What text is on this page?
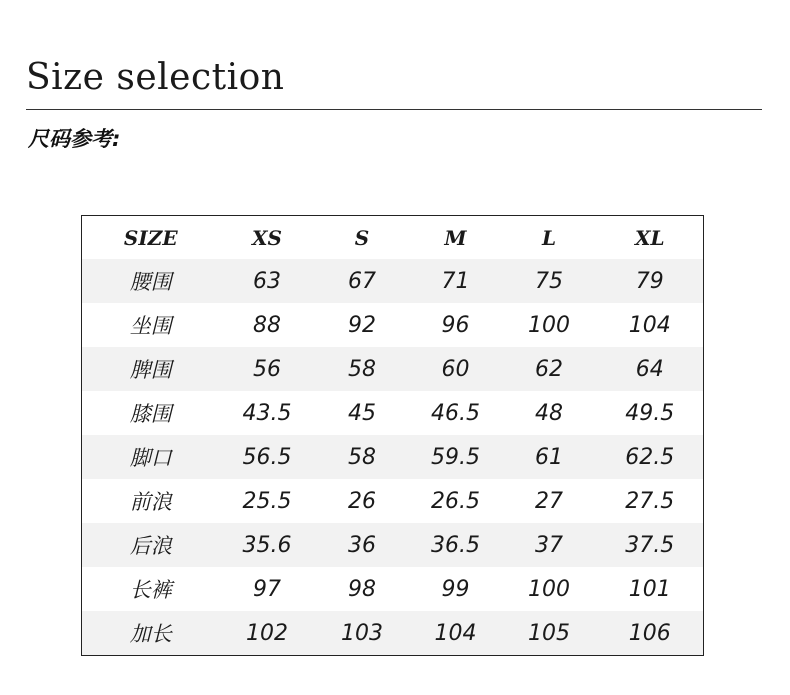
Size selection
尺码参考:
SIZE	XS	S	M	L	XL
腰围	63	67	71	75	79
坐围	88	92	96	100	104
脾围	56	58	60	62	64
膝围	43.5	45	46.5	48	49.5
脚口	56.5	58	59.5	61	62.5
前浪	25.5	26	26.5	27	27.5
后浪	35.6	36	36.5	37	37.5
长裤	97	98	99	100	101
加长	102	103	104	105	106
